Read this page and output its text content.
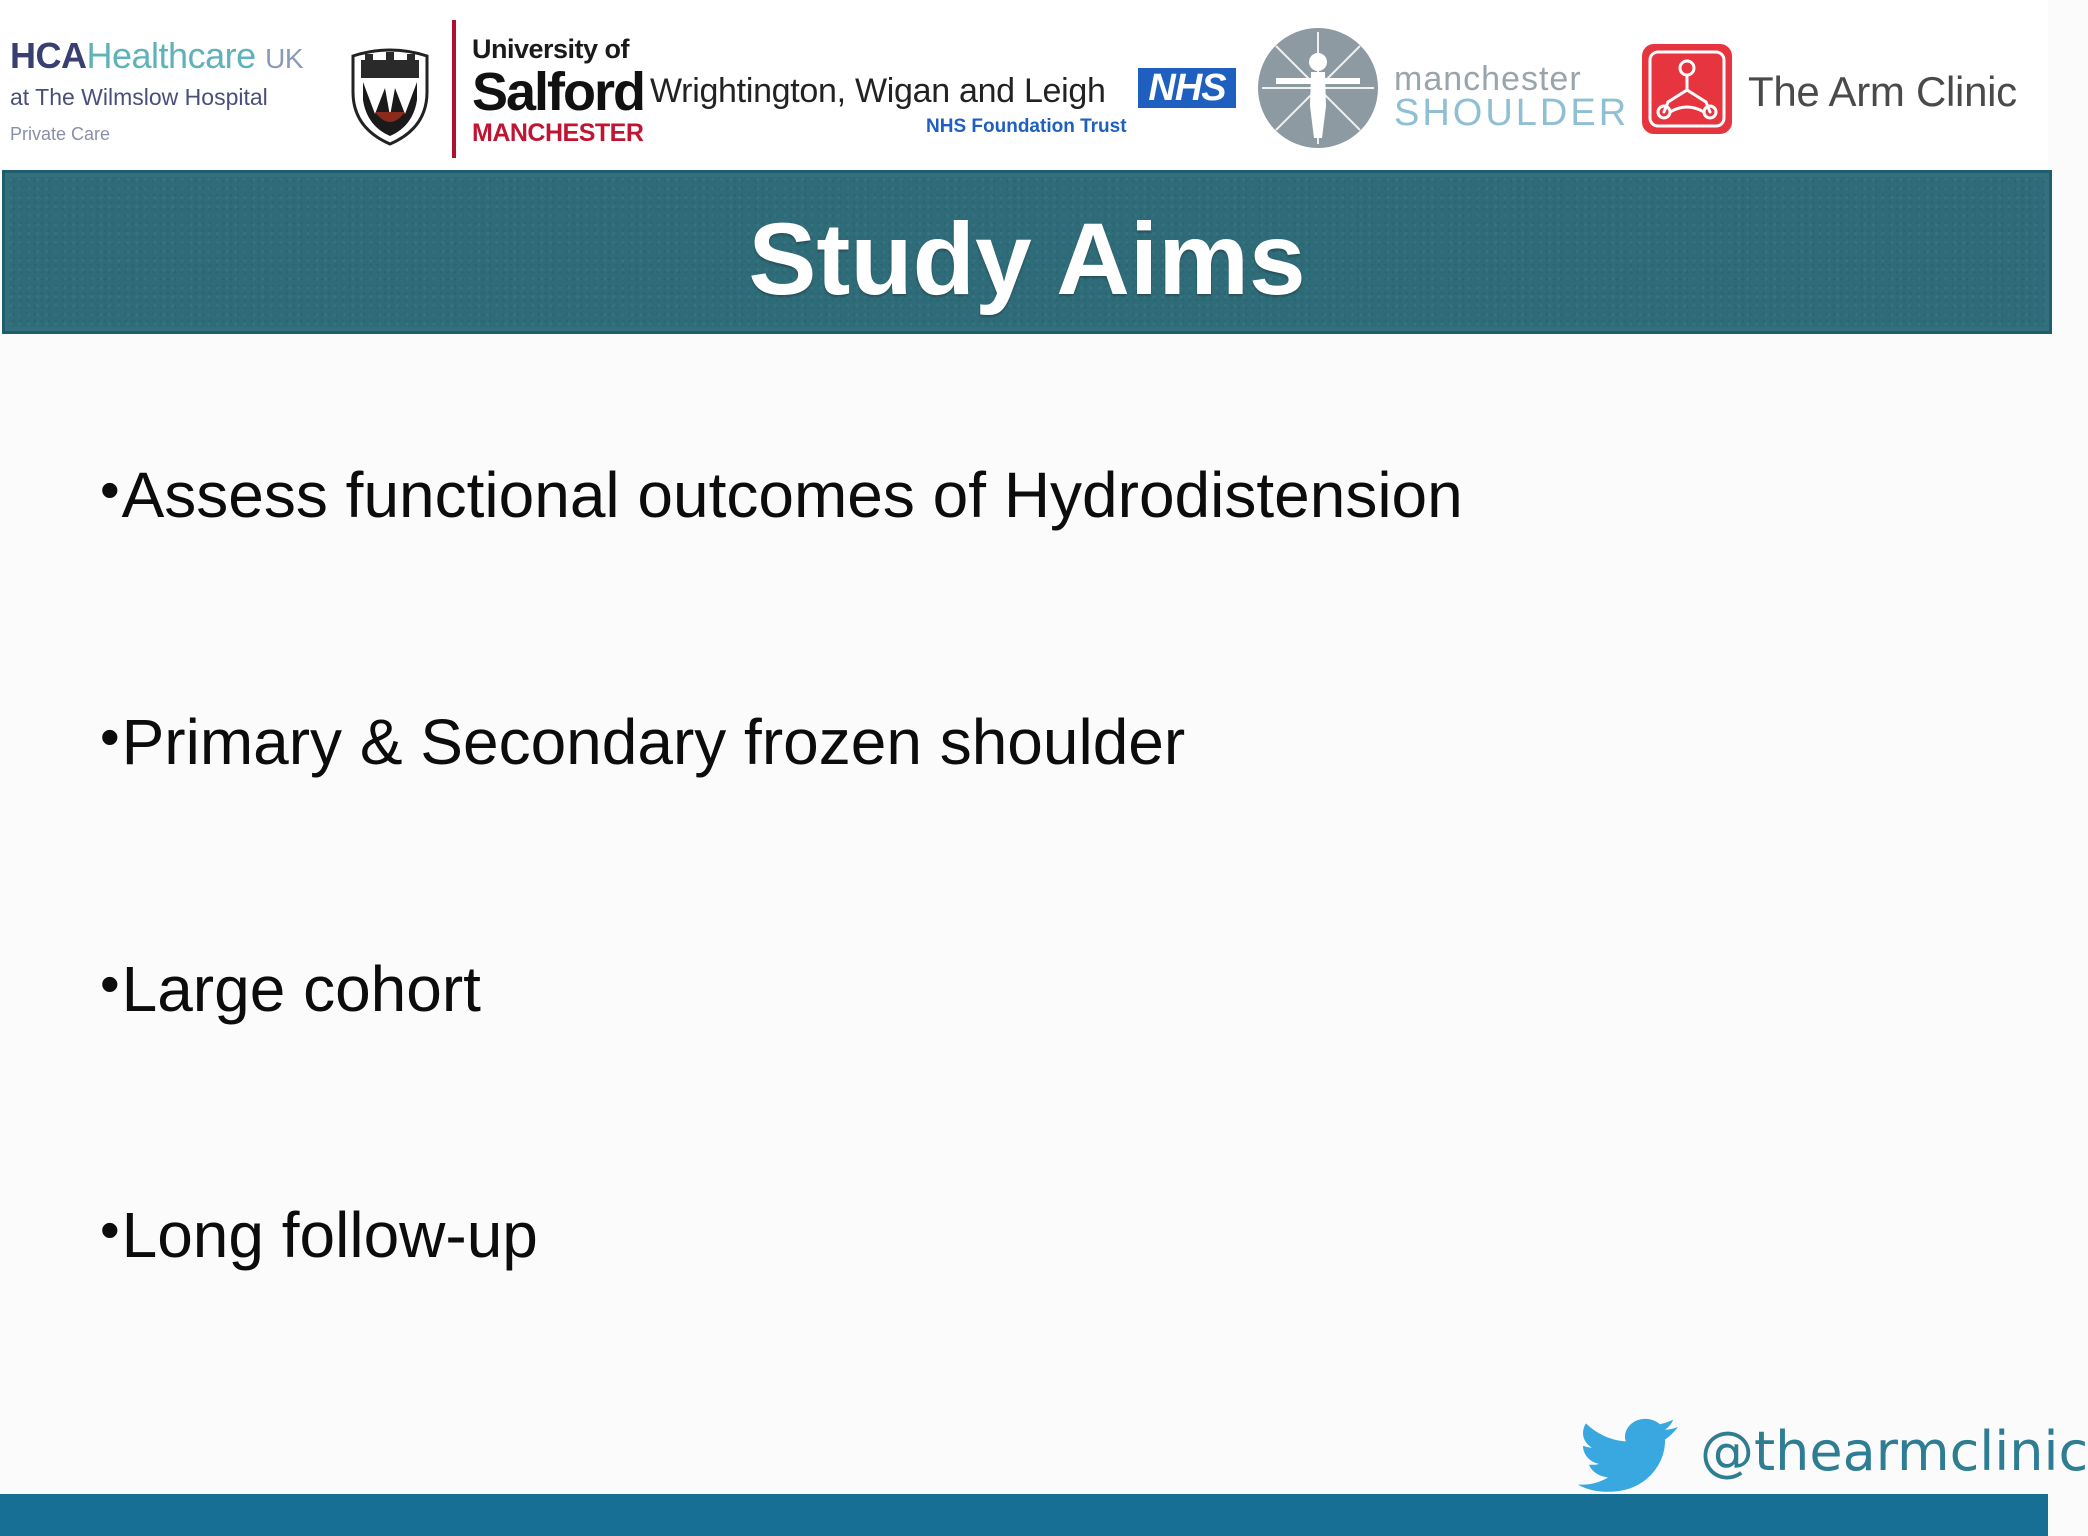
HCAHealthcare UK
at The Wilmslow Hospital
Private Care
University of
Salford
MANCHESTER
Wrightington, Wigan and Leigh NHS
NHS Foundation Trust
manchester
SHOULDER	The Arm Clinic
Study Aims
•Assess functional outcomes of Hydrodistension
•Primary & Secondary frozen shoulder
•Large cohort
•Long follow-up
@thearmclinic
